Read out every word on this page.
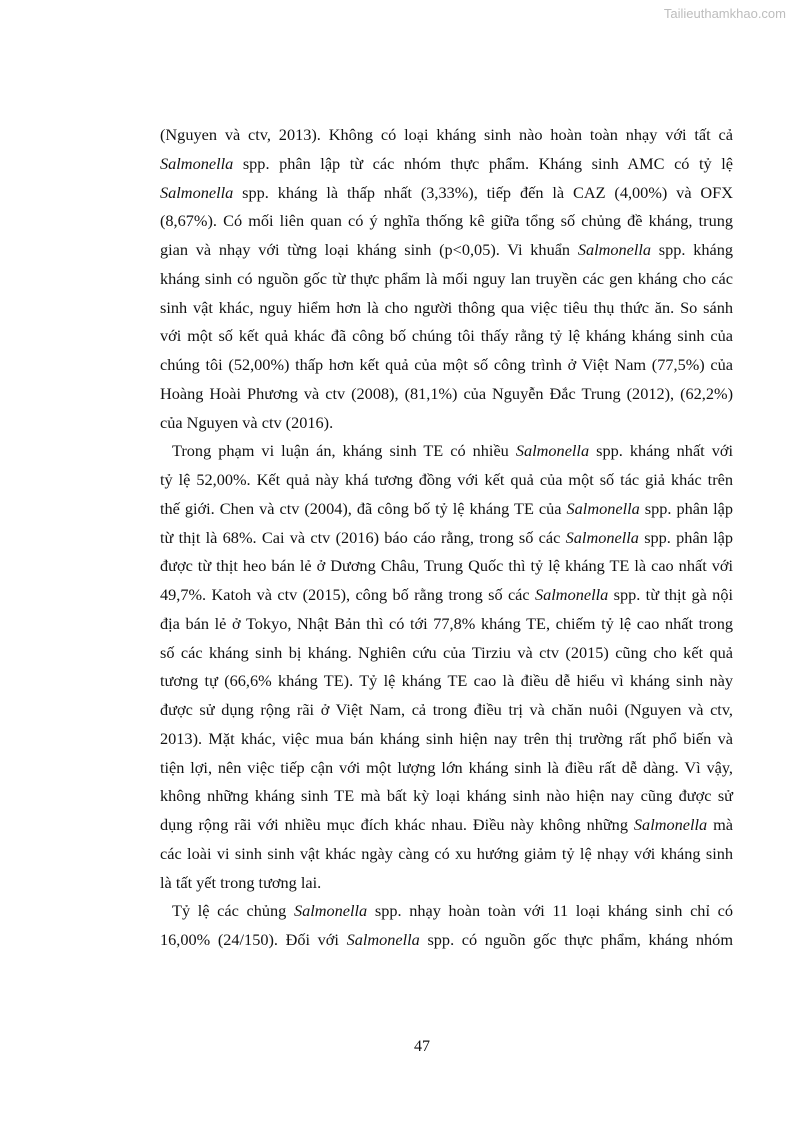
Tailieuthamkhao.com
(Nguyen và ctv, 2013). Không có loại kháng sinh nào hoàn toàn nhạy với tất cả
Salmonella spp. phân lập từ các nhóm thực phẩm. Kháng sinh AMC có tỷ lệ
Salmonella spp. kháng là thấp nhất (3,33%), tiếp đến là CAZ (4,00%) và OFX
(8,67%). Có mối liên quan có ý nghĩa thống kê giữa tổng số chủng đề kháng, trung
gian và nhạy với từng loại kháng sinh (p<0,05). Vi khuẩn Salmonella spp. kháng
kháng sinh có nguồn gốc từ thực phẩm là mối nguy lan truyền các gen kháng cho các
sinh vật khác, nguy hiểm hơn là cho người thông qua việc tiêu thụ thức ăn. So sánh
với một số kết quả khác đã công bố chúng tôi thấy rằng tỷ lệ kháng kháng sinh của
chúng tôi (52,00%) thấp hơn kết quả của một số công trình ở Việt Nam (77,5%) của
Hoàng Hoài Phương và ctv (2008), (81,1%) của Nguyễn Đắc Trung (2012), (62,2%)
của Nguyen và ctv (2016).
Trong phạm vi luận án, kháng sinh TE có nhiều Salmonella spp. kháng nhất với
tỷ lệ 52,00%. Kết quả này khá tương đồng với kết quả của một số tác giả khác trên
thế giới. Chen và ctv (2004), đã công bố tỷ lệ kháng TE của Salmonella spp. phân lập
từ thịt là 68%. Cai và ctv (2016) báo cáo rằng, trong số các Salmonella spp. phân lập
được từ thịt heo bán lẻ ở Dương Châu, Trung Quốc thì tỷ lệ kháng TE là cao nhất với
49,7%. Katoh và ctv (2015), công bố rằng trong số các Salmonella spp. từ thịt gà nội
địa bán lẻ ở Tokyo, Nhật Bản thì có tới 77,8% kháng TE, chiếm tỷ lệ cao nhất trong
số các kháng sinh bị kháng. Nghiên cứu của Tirziu và ctv (2015) cũng cho kết quả
tương tự (66,6% kháng TE). Tỷ lệ kháng TE cao là điều dễ hiểu vì kháng sinh này
được sử dụng rộng rãi ở Việt Nam, cả trong điều trị và chăn nuôi (Nguyen và ctv,
2013). Mặt khác, việc mua bán kháng sinh hiện nay trên thị trường rất phổ biến và
tiện lợi, nên việc tiếp cận với một lượng lớn kháng sinh là điều rất dễ dàng. Vì vậy,
không những kháng sinh TE mà bất kỳ loại kháng sinh nào hiện nay cũng được sử
dụng rộng rãi với nhiều mục đích khác nhau. Điều này không những Salmonella mà
các loài vi sinh sinh vật khác ngày càng có xu hướng giảm tỷ lệ nhạy với kháng sinh
là tất yết trong tương lai.
Tỷ lệ các chủng Salmonella spp. nhạy hoàn toàn với 11 loại kháng sinh chỉ có
16,00% (24/150). Đối với Salmonella spp. có nguồn gốc thực phẩm, kháng nhóm
47
